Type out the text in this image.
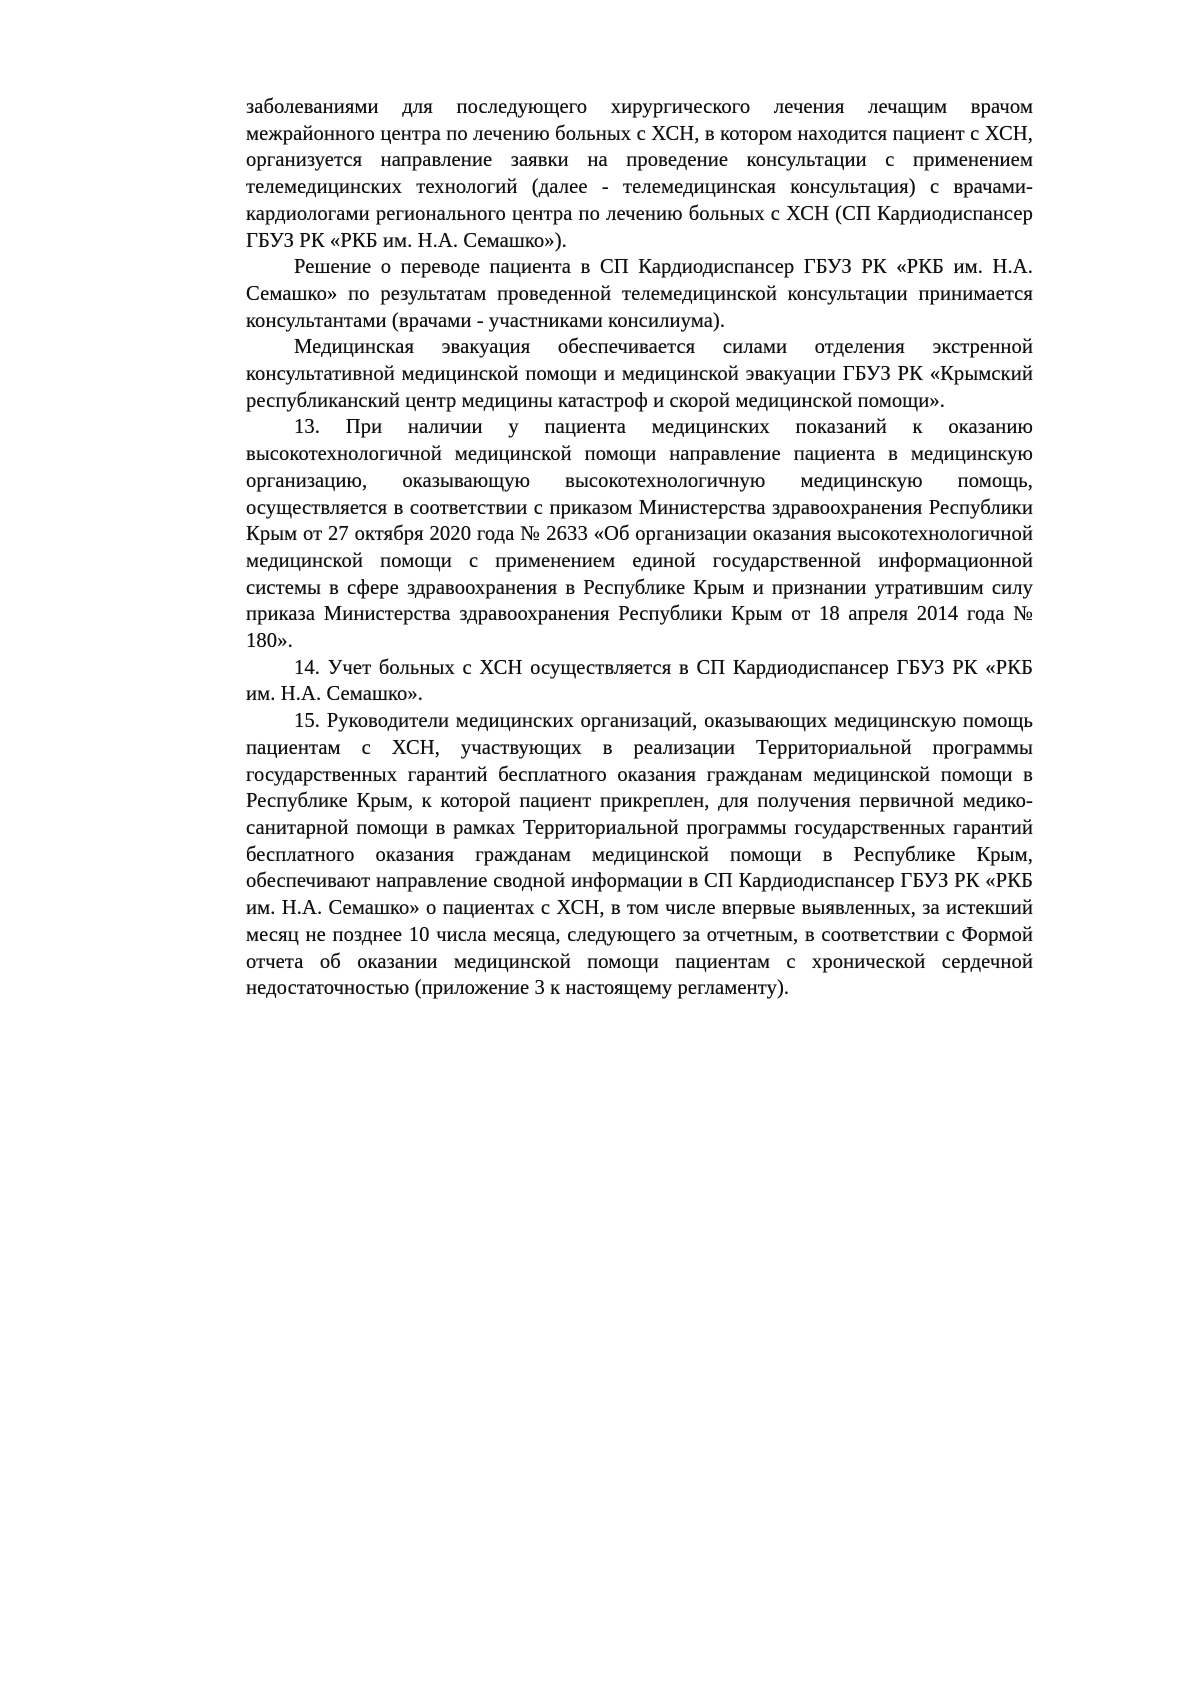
заболеваниями для последующего хирургического лечения лечащим врачом межрайонного центра по лечению больных с ХСН, в котором находится пациент с ХСН, организуется направление заявки на проведение консультации с применением телемедицинских технологий (далее - телемедицинская консультация) с врачами-кардиологами регионального центра по лечению больных с ХСН (СП Кардиодиспансер ГБУЗ РК «РКБ им. Н.А. Семашко»).

Решение о переводе пациента в СП Кардиодиспансер ГБУЗ РК «РКБ им. Н.А. Семашко» по результатам проведенной телемедицинской консультации принимается консультантами (врачами - участниками консилиума).

Медицинская эвакуация обеспечивается силами отделения экстренной консультативной медицинской помощи и медицинской эвакуации ГБУЗ РК «Крымский республиканский центр медицины катастроф и скорой медицинской помощи».

13. При наличии у пациента медицинских показаний к оказанию высокотехнологичной медицинской помощи направление пациента в медицинскую организацию, оказывающую высокотехнологичную медицинскую помощь, осуществляется в соответствии с приказом Министерства здравоохранения Республики Крым от 27 октября 2020 года № 2633 «Об организации оказания высокотехнологичной медицинской помощи с применением единой государственной информационной системы в сфере здравоохранения в Республике Крым и признании утратившим силу приказа Министерства здравоохранения Республики Крым от 18 апреля 2014 года № 180».

14. Учет больных с ХСН осуществляется в СП Кардиодиспансер ГБУЗ РК «РКБ им. Н.А. Семашко».

15. Руководители медицинских организаций, оказывающих медицинскую помощь пациентам с ХСН, участвующих в реализации Территориальной программы государственных гарантий бесплатного оказания гражданам медицинской помощи в Республике Крым, к которой пациент прикреплен, для получения первичной медико-санитарной помощи в рамках Территориальной программы государственных гарантий бесплатного оказания гражданам медицинской помощи в Республике Крым, обеспечивают направление сводной информации в СП Кардиодиспансер ГБУЗ РК «РКБ им. Н.А. Семашко» о пациентах с ХСН, в том числе впервые выявленных, за истекший месяц не позднее 10 числа месяца, следующего за отчетным, в соответствии с Формой отчета об оказании медицинской помощи пациентам с хронической сердечной недостаточностью (приложение 3 к настоящему регламенту).
